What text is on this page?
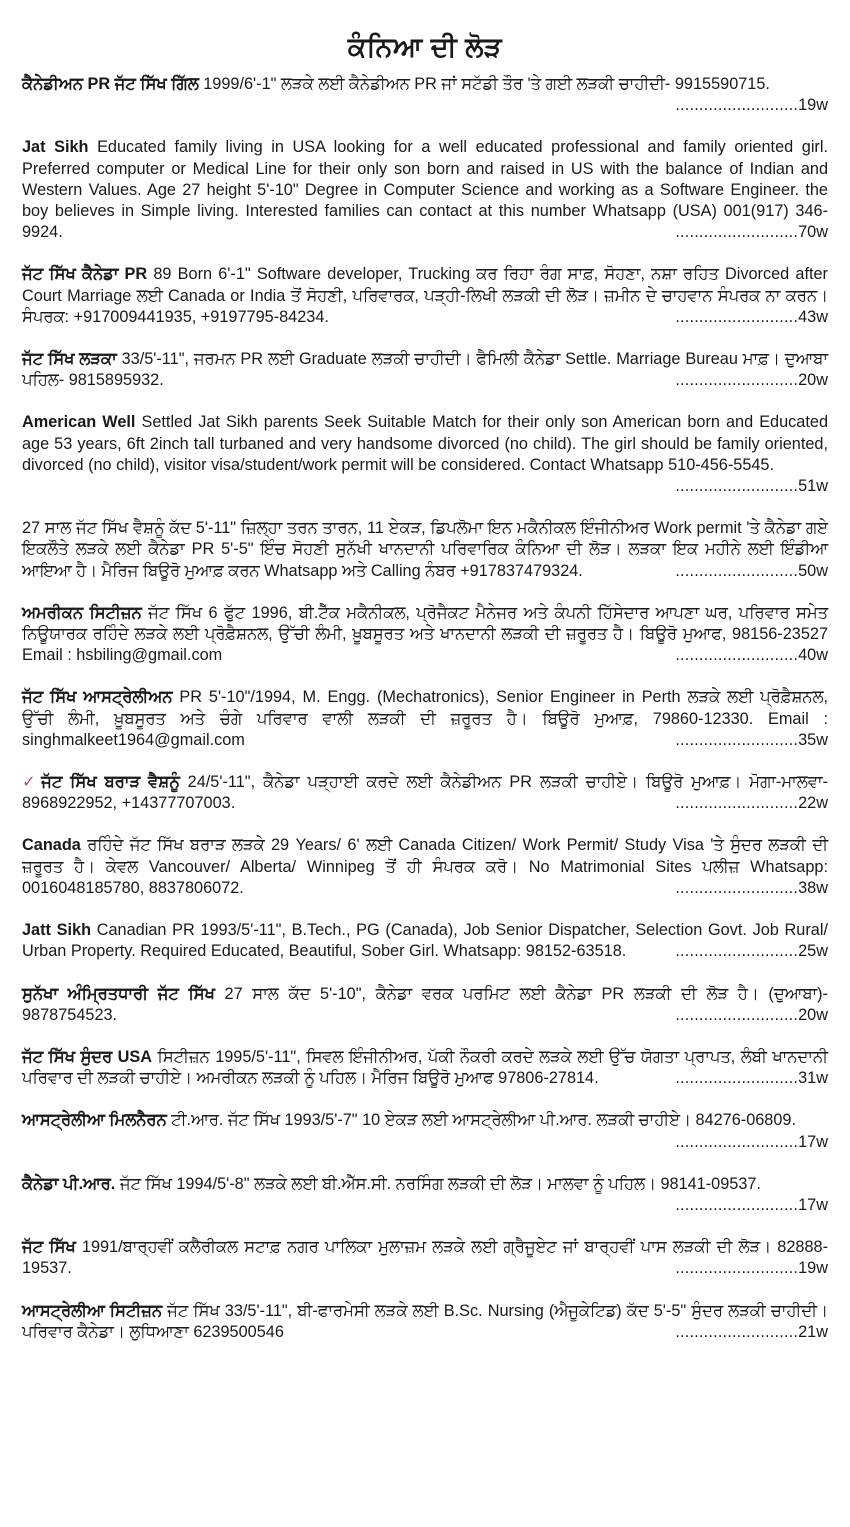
ਕੰਨਿਆ ਦੀ ਲੋੜ
ਕੈਨੇਡੀਅਨ PR ਜੱਟ ਸਿੱਖ ਗਿੱਲ 1999/6'-1" ਲੜਕੇ ਲਈ ਕੈਨੇਡੀਅਨ PR ਜਾਂ ਸਟੱਡੀ ਤੌਰ 'ਤੇ ਗਈ ਲੜਕੀ ਚਾਹੀਦੀ- 9915590715.
..........................19w
Jat Sikh Educated family living in USA looking for a well educated professional and family oriented girl. Preferred computer or Medical Line for their only son born and raised in US with the balance of Indian and Western Values. Age 27 height 5'-10" Degree in Computer Science and working as a Software Engineer. the boy believes in Simple living. Interested families can contact at this number Whatsapp (USA) 001(917) 346-9924.	..........................70w
ਜੱਟ ਸਿੱਖ ਕੈਨੇਡਾ PR 89 Born 6'-1" Software developer, Trucking ਕਰ ਰਿਹਾ ਰੰਗ ਸਾਫ਼, ਸੋਹਣਾ, ਨਸ਼ਾ ਰਹਿਤ Divorced after Court Marriage ਲਈ Canada or India ਤੋਂ ਸੋਹਣੀ, ਪਰਿਵਾਰਕ, ਪੜ੍ਹੀ-ਲਿਖੀ ਲੜਕੀ ਦੀ ਲੋੜ। ਜ਼ਮੀਨ ਦੇ ਚਾਹਵਾਨ ਸੰਪਰਕ ਨਾ ਕਰਨ। ਸੰਪਰਕ: +917009441935, +9197795-84234.	..........................43w
ਜੱਟ ਸਿੱਖ ਲੜਕਾ 33/5'-11", ਜਰਮਨ PR ਲਈ Graduate ਲੜਕੀ ਚਾਹੀਦੀ। ਫੈਮਿਲੀ ਕੈਨੇਡਾ Settle. Marriage Bureau ਮਾਫ਼। ਦੁਆਬਾ ਪਹਿਲ- 9815895932.	..........................20w
American Well Settled Jat Sikh parents Seek Suitable Match for their only son American born and Educated age 53 years, 6ft 2inch tall turbaned and very handsome divorced (no child). The girl should be family oriented, divorced (no child), visitor visa/student/work permit will be considered. Contact Whatsapp 510-456-5545.
..........................51w
27 ਸਾਲ ਜੱਟ ਸਿੱਖ ਵੈਸ਼ਨੂੰ ਕੱਦ 5'-11" ਜ਼ਿਲ੍ਹਾ ਤਰਨ ਤਾਰਨ, 11 ਏਕੜ, ਡਿਪਲੋਮਾ ਇਨ ਮਕੈਨੀਕਲ ਇੰਜੀਨੀਅਰ Work permit 'ਤੇ ਕੈਨੇਡਾ ਗਏ ਇਕਲੌਤੇ ਲੜਕੇ ਲਈ ਕੈਨੇਡਾ PR 5'-5" ਇੰਚ ਸੋਹਣੀ ਸੁਨੱਖੀ ਖਾਨਦਾਨੀ ਪਰਿਵਾਰਿਕ ਕੰਨਿਆ ਦੀ ਲੋੜ। ਲੜਕਾ ਇਕ ਮਹੀਨੇ ਲਈ ਇੰਡੀਆ ਆਇਆ ਹੈ। ਮੈਰਿਜ ਬਿਊਰੋ ਮੁਆਫ਼ ਕਰਨ Whatsapp ਅਤੇ Calling ਨੰਬਰ +917837479324.	..........................50w
ਅਮਰੀਕਨ ਸਿਟੀਜ਼ਨ ਜੱਟ ਸਿੱਖ 6 ਫੁੱਟ 1996, ਬੀ.ਟੈੱਕ ਮਕੈਨੀਕਲ, ਪ੍ਰੋਜੈਕਟ ਮੈਨੇਜਰ ਅਤੇ ਕੰਪਨੀ ਹਿੱਸੇਦਾਰ ਆਪਣਾ ਘਰ, ਪਰਿਵਾਰ ਸਮੇਤ ਨਿਊਯਾਰਕ ਰਹਿੰਦੇ ਲੜਕੇ ਲਈ ਪ੍ਰੋਫ਼ੈਸ਼ਨਲ, ਉੱਚੀ ਲੰਮੀ, ਖ਼ੂਬਸੂਰਤ ਅਤੇ ਖਾਨਦਾਨੀ ਲੜਕੀ ਦੀ ਜ਼ਰੂਰਤ ਹੈ। ਬਿਊਰੋ ਮੁਆਫ, 98156-23527 Email : hsbiling@gmail.com	..........................40w
ਜੱਟ ਸਿੱਖ ਆਸਟ੍ਰੇਲੀਅਨ PR 5'-10"/1994, M. Engg. (Mechatronics), Senior Engineer in Perth ਲੜਕੇ ਲਈ ਪ੍ਰੋਫ਼ੈਸ਼ਨਲ, ਉੱਚੀ ਲੰਮੀ, ਖ਼ੂਬਸੂਰਤ ਅਤੇ ਚੰਗੇ ਪਰਿਵਾਰ ਵਾਲੀ ਲੜਕੀ ਦੀ ਜ਼ਰੂਰਤ ਹੈ। ਬਿਊਰੋ ਮੁਆਫ਼, 79860-12330. Email : singhmalkeet1964@gmail.com	..........................35w
✓ ਜੱਟ ਸਿੱਖ ਬਰਾੜ ਵੈਸ਼ਨੂੰ 24/5'-11", ਕੈਨੇਡਾ ਪੜ੍ਹਾਈ ਕਰਦੇ ਲਈ ਕੈਨੇਡੀਅਨ PR ਲੜਕੀ ਚਾਹੀਏ। ਬਿਊਰੋ ਮੁਆਫ਼। ਮੋਗਾ-ਮਾਲਵਾ- 8968922952, +14377707003.	..........................22w
Canada ਰਹਿੰਦੇ ਜੱਟ ਸਿੱਖ ਬਰਾੜ ਲੜਕੇ 29 Years/ 6' ਲਈ Canada Citizen/ Work Permit/ Study Visa 'ਤੇ ਸੁੰਦਰ ਲੜਕੀ ਦੀ ਜ਼ਰੂਰਤ ਹੈ। ਕੇਵਲ Vancouver/ Alberta/ Winnipeg ਤੋਂ ਹੀ ਸੰਪਰਕ ਕਰੋ। No Matrimonial Sites ਪਲੀਜ਼ Whatsapp: 0016048185780, 8837806072.	..........................38w
Jatt Sikh Canadian PR 1993/5'-11", B.Tech., PG (Canada), Job Senior Dispatcher, Selection Govt. Job Rural/ Urban Property. Required Educated, Beautiful, Sober Girl. Whatsapp: 98152-63518.	..........................25w
ਸੁਨੱਖਾ ਅੰਮ੍ਰਿਤਧਾਰੀ ਜੱਟ ਸਿੱਖ 27 ਸਾਲ ਕੱਦ 5'-10", ਕੈਨੇਡਾ ਵਰਕ ਪਰਮਿਟ ਲਈ ਕੈਨੇਡਾ PR ਲੜਕੀ ਦੀ ਲੋੜ ਹੈ। (ਦੁਆਬਾ)- 9878754523.	..........................20w
ਜੱਟ ਸਿੱਖ ਸੁੰਦਰ USA ਸਿਟੀਜ਼ਨ 1995/5'-11", ਸਿਵਲ ਇੰਜੀਨੀਅਰ, ਪੱਕੀ ਨੌਕਰੀ ਕਰਦੇ ਲੜਕੇ ਲਈ ਉੱਚ ਯੋਗਤਾ ਪ੍ਰਾਪਤ, ਲੰਬੀ ਖਾਨਦਾਨੀ ਪਰਿਵਾਰ ਦੀ ਲੜਕੀ ਚਾਹੀਏ। ਅਮਰੀਕਨ ਲੜਕੀ ਨੂੰ ਪਹਿਲ। ਮੈਰਿਜ ਬਿਊਰੋ ਮੁਆਫ 97806-27814.	..........................31w
ਆਸਟ੍ਰੇਲੀਆ ਮਿਲਨੈਰਨ ਟੀ.ਆਰ. ਜੱਟ ਸਿੱਖ 1993/5'-7" 10 ਏਕੜ ਲਈ ਆਸਟ੍ਰੇਲੀਆ ਪੀ.ਆਰ. ਲੜਕੀ ਚਾਹੀਏ। 84276-06809.
..........................17w
ਕੈਨੇਡਾ ਪੀ.ਆਰ. ਜੱਟ ਸਿੱਖ 1994/5'-8" ਲੜਕੇ ਲਈ ਬੀ.ਐੱਸ.ਸੀ. ਨਰਸਿੰਗ ਲੜਕੀ ਦੀ ਲੋੜ। ਮਾਲਵਾ ਨੂੰ ਪਹਿਲ। 98141-09537.
..........................17w
ਜੱਟ ਸਿੱਖ 1991/ਬਾਰ੍ਹਵੀਂ ਕਲੈਰੀਕਲ ਸਟਾਫ਼ ਨਗਰ ਪਾਲਿਕਾ ਮੁਲਾਜ਼ਮ ਲੜਕੇ ਲਈ ਗ੍ਰੈਜੂਏਟ ਜਾਂ ਬਾਰ੍ਹਵੀਂ ਪਾਸ ਲੜਕੀ ਦੀ ਲੋੜ। 82888-19537.	..........................19w
ਆਸਟ੍ਰੇਲੀਆ ਸਿਟੀਜ਼ਨ ਜੱਟ ਸਿੱਖ 33/5'-11", ਬੀ-ਫਾਰਮੇਸੀ ਲੜਕੇ ਲਈ B.Sc. Nursing (ਐਜੂਕੇਟਿਡ) ਕੱਦ 5'-5" ਸੁੰਦਰ ਲੜਕੀ ਚਾਹੀਦੀ। ਪਰਿਵਾਰ ਕੈਨੇਡਾ। ਲੁਧਿਆਣਾ 6239500546	..........................21w
